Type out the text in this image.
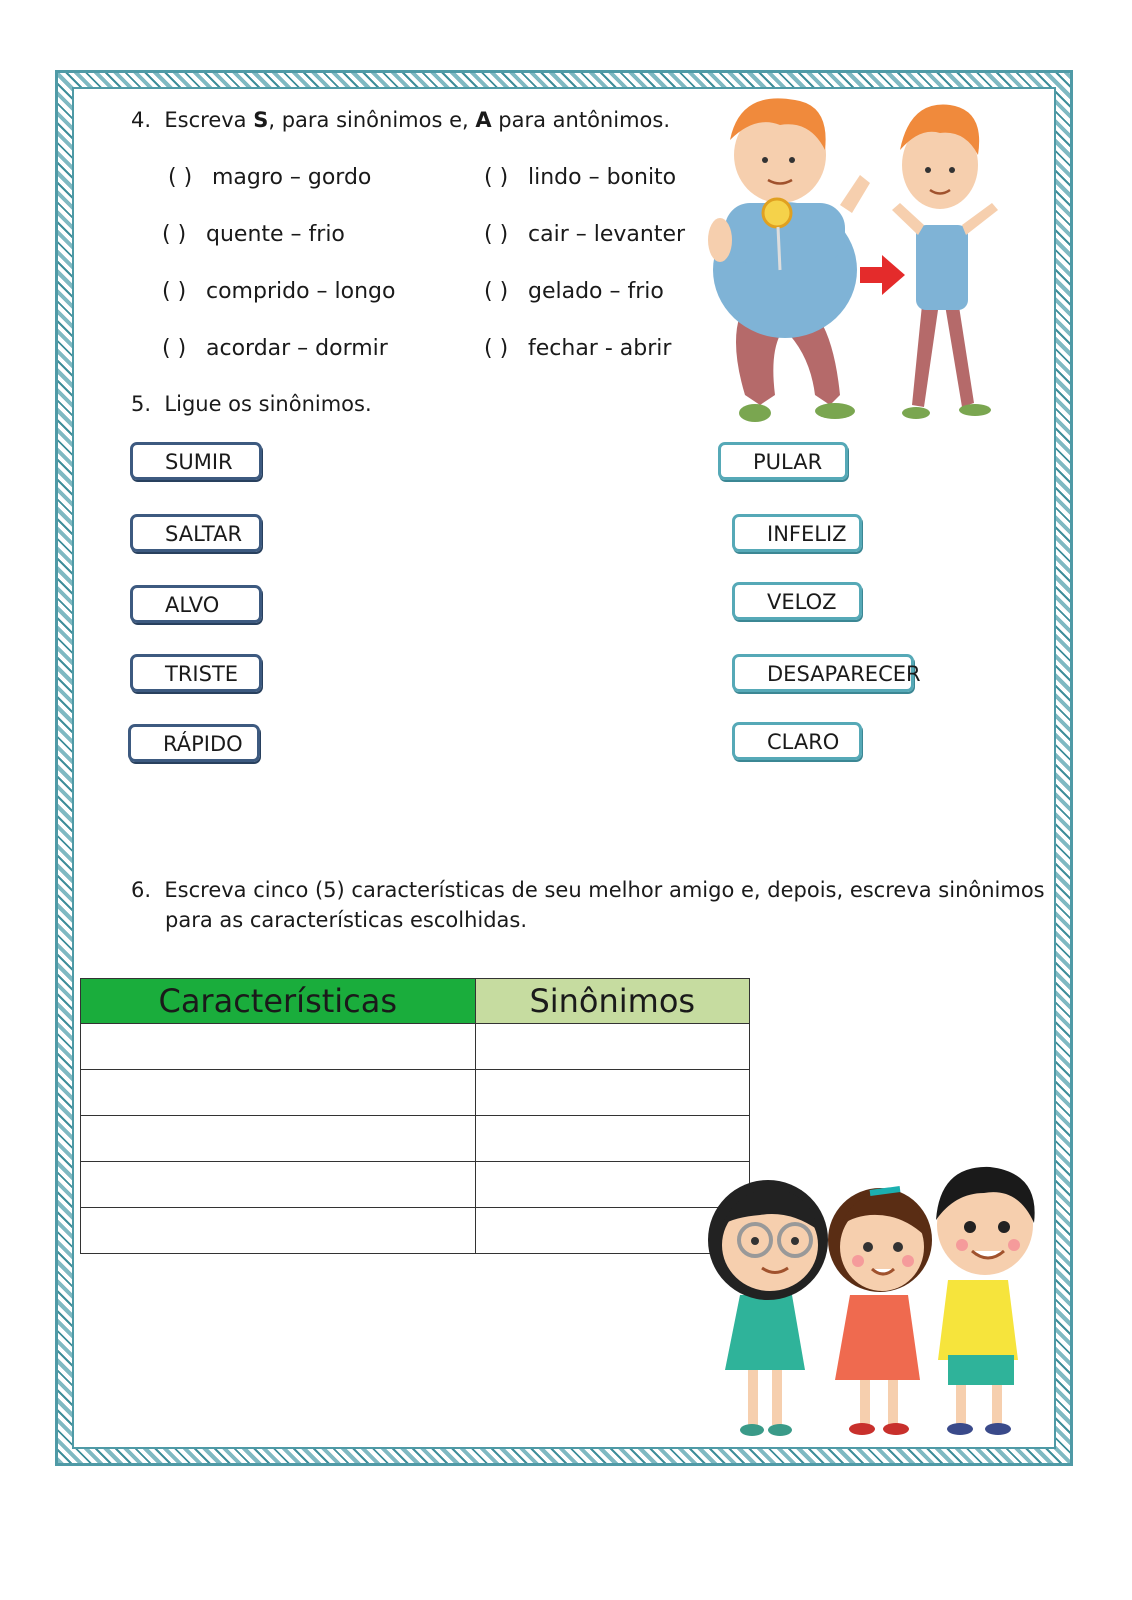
4. Escreva S, para sinônimos e, A para antônimos.
( ) magro – gordo
( ) quente – frio
( ) comprido – longo
( ) acordar – dormir
( ) lindo – bonito
( ) cair – levanter
( ) gelado – frio
( ) fechar - abrir
5. Ligue os sinônimos.
SUMIR
SALTAR
ALVO
TRISTE
RÁPIDO
PULAR
INFELIZ
VELOZ
DESAPARECER
CLARO
6. Escreva cinco (5) características de seu melhor amigo e, depois, escreva sinônimos
para as características escolhidas.
Características	Sinônimos
